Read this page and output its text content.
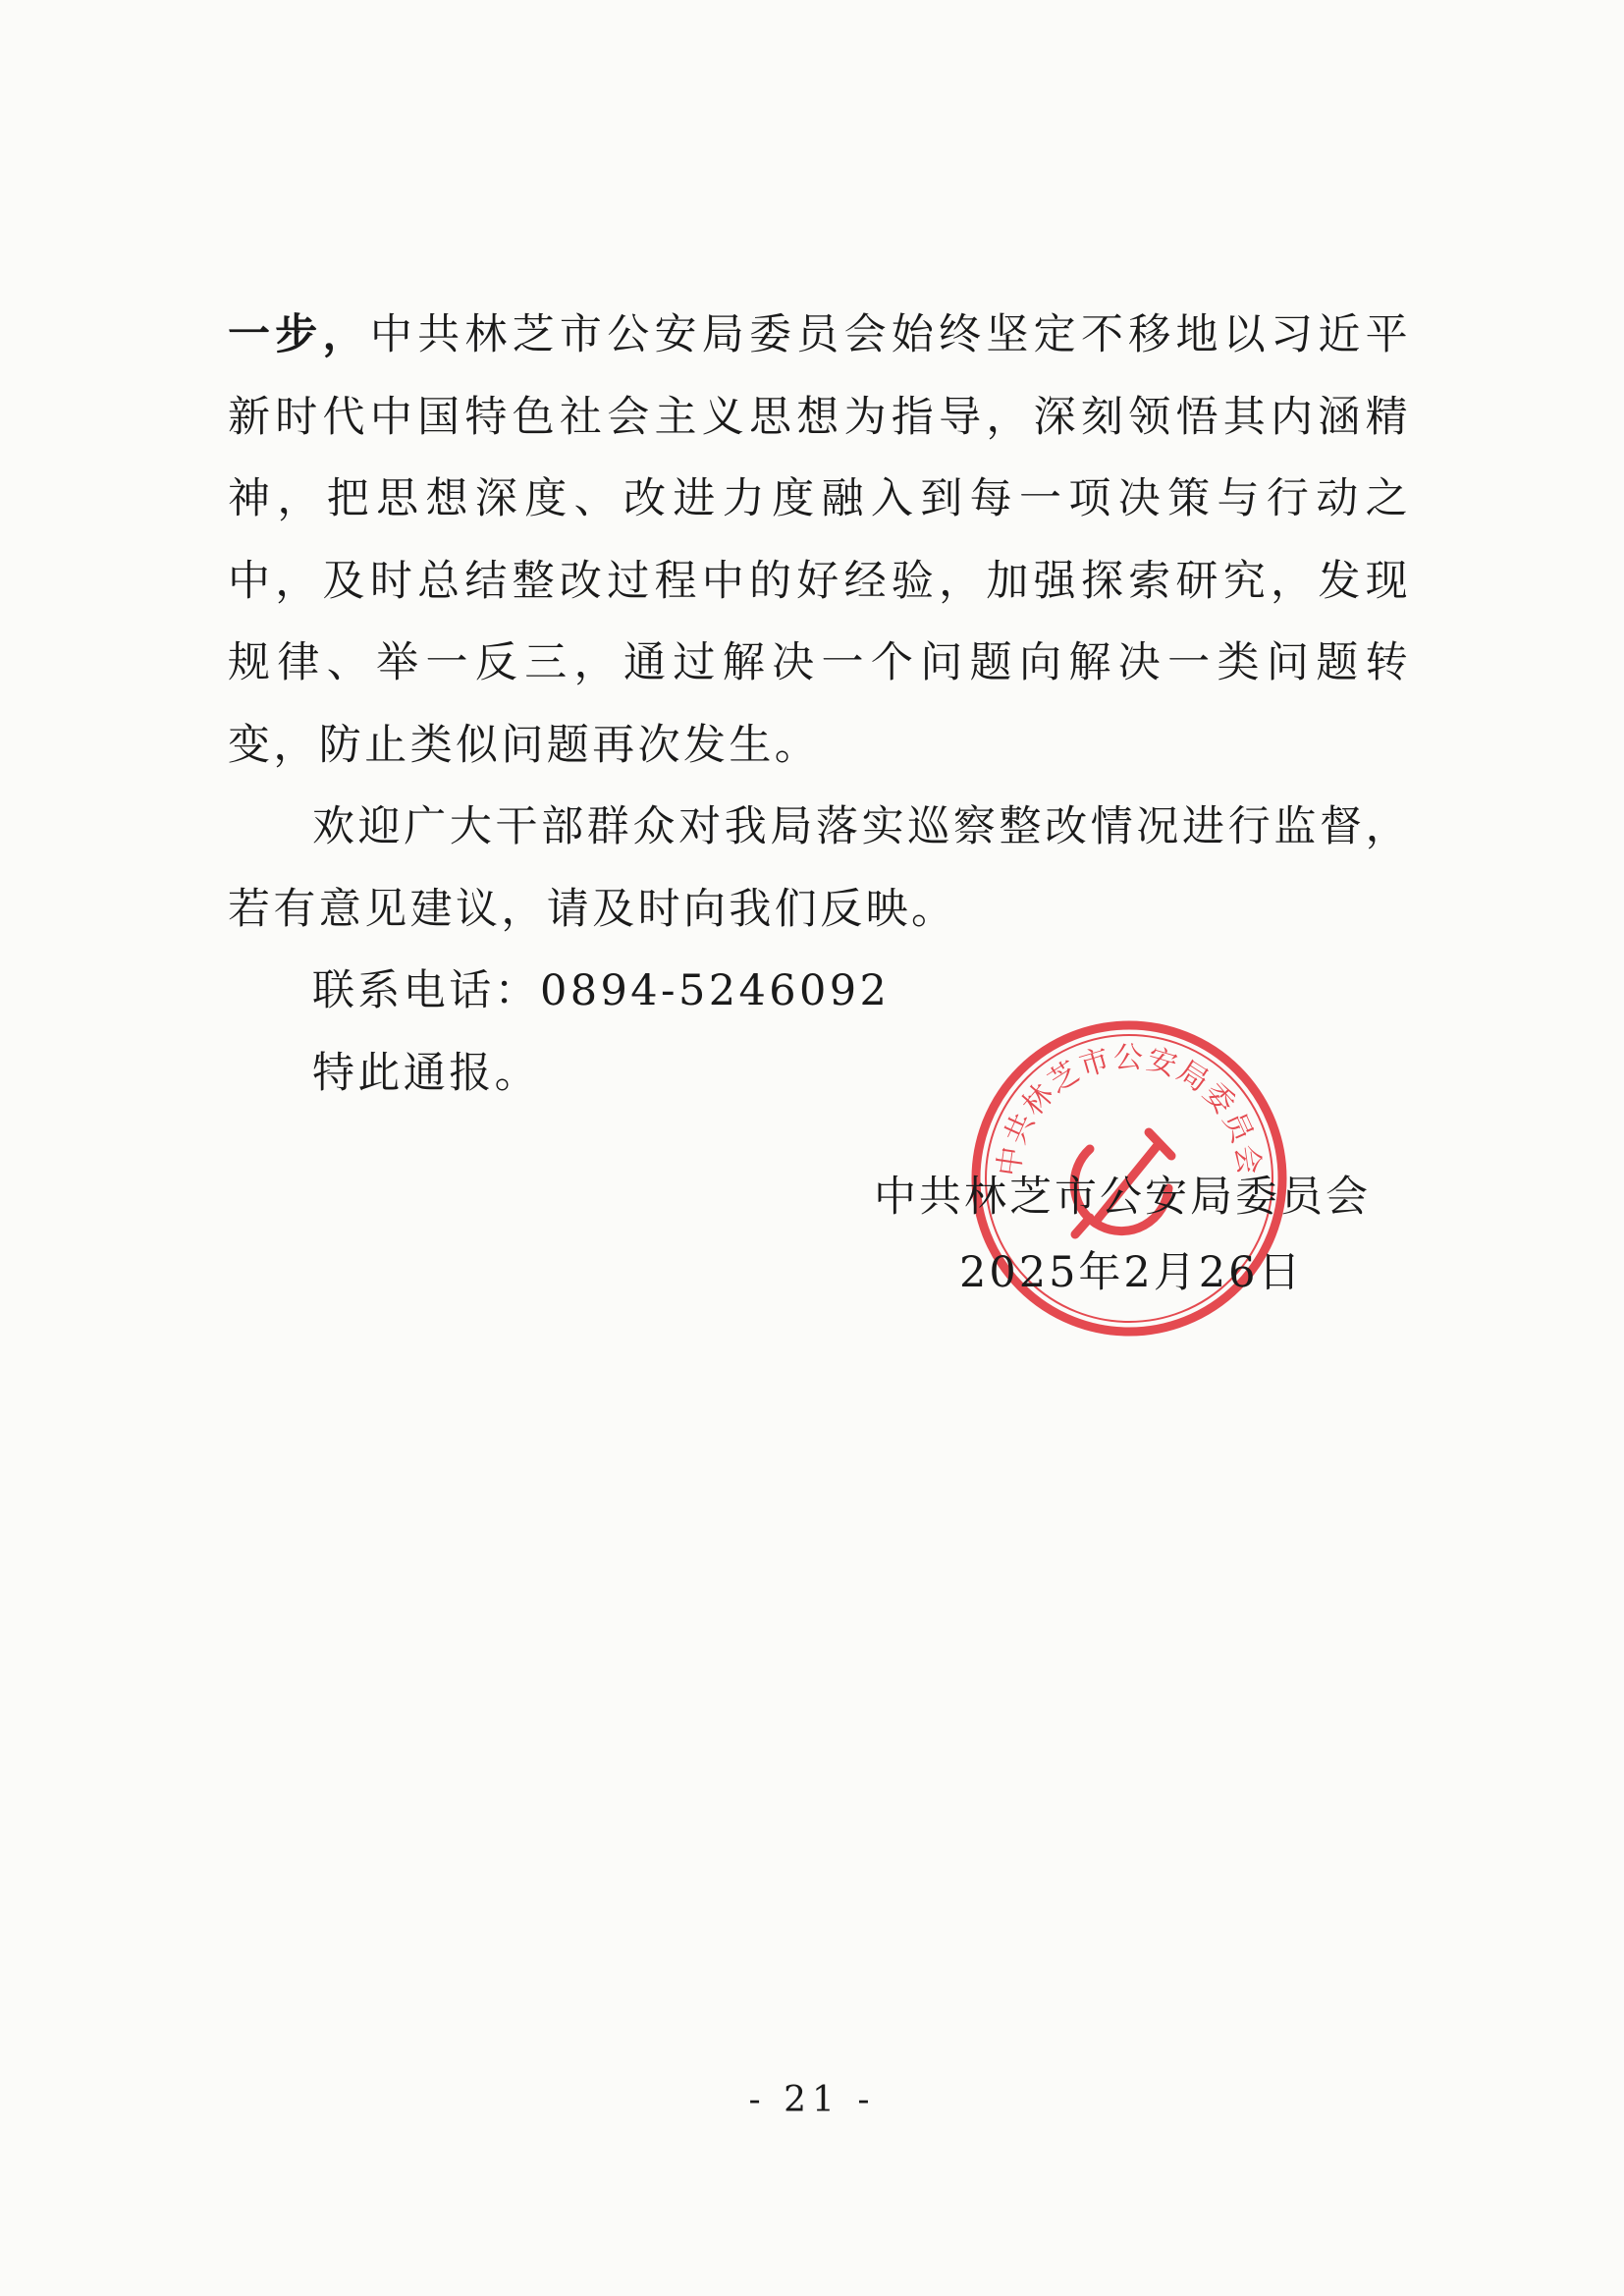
一步，中共林芝市公安局委员会始终坚定不移地以习近平新时代中国特色社会主义思想为指导，深刻领悟其内涵精神，把思想深度、改进力度融入到每一项决策与行动之中，及时总结整改过程中的好经验，加强探索研究，发现规律、举一反三，通过解决一个问题向解决一类问题转变，防止类似问题再次发生。

欢迎广大干部群众对我局落实巡察整改情况进行监督，若有意见建议，请及时向我们反映。

联系电话：0894-5246092

特此通报。

中共林芝市公安局委员会
中共林芝市公安局委员会
2025年2月26日
- 21 -
